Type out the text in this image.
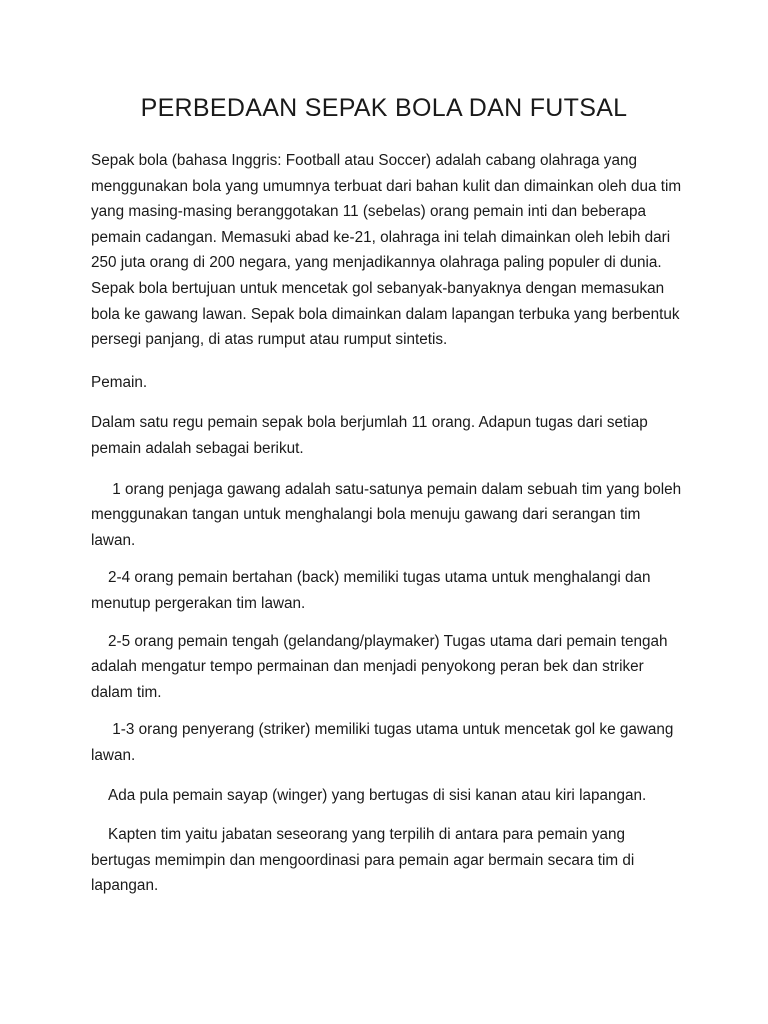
PERBEDAAN SEPAK BOLA DAN FUTSAL

Sepak bola (bahasa Inggris: Football atau Soccer) adalah cabang olahraga yang menggunakan bola yang umumnya terbuat dari bahan kulit dan dimainkan oleh dua tim yang masing-masing beranggotakan 11 (sebelas) orang pemain inti dan beberapa pemain cadangan. Memasuki abad ke-21, olahraga ini telah dimainkan oleh lebih dari 250 juta orang di 200 negara, yang menjadikannya olahraga paling populer di dunia. Sepak bola bertujuan untuk mencetak gol sebanyak-banyaknya dengan memasukan bola ke gawang lawan. Sepak bola dimainkan dalam lapangan terbuka yang berbentuk persegi panjang, di atas rumput atau rumput sintetis.

Pemain.

Dalam satu regu pemain sepak bola berjumlah 11 orang. Adapun tugas dari setiap pemain adalah sebagai berikut.

1 orang penjaga gawang adalah satu-satunya pemain dalam sebuah tim yang boleh menggunakan tangan untuk menghalangi bola menuju gawang dari serangan tim lawan.

2-4 orang pemain bertahan (back) memiliki tugas utama untuk menghalangi dan menutup pergerakan tim lawan.

2-5 orang pemain tengah (gelandang/playmaker) Tugas utama dari pemain tengah adalah mengatur tempo permainan dan menjadi penyokong peran bek dan striker dalam tim.

1-3 orang penyerang (striker) memiliki tugas utama untuk mencetak gol ke gawang lawan.

Ada pula pemain sayap (winger) yang bertugas di sisi kanan atau kiri lapangan.

Kapten tim yaitu jabatan seseorang yang terpilih di antara para pemain yang bertugas memimpin dan mengoordinasi para pemain agar bermain secara tim di lapangan.
